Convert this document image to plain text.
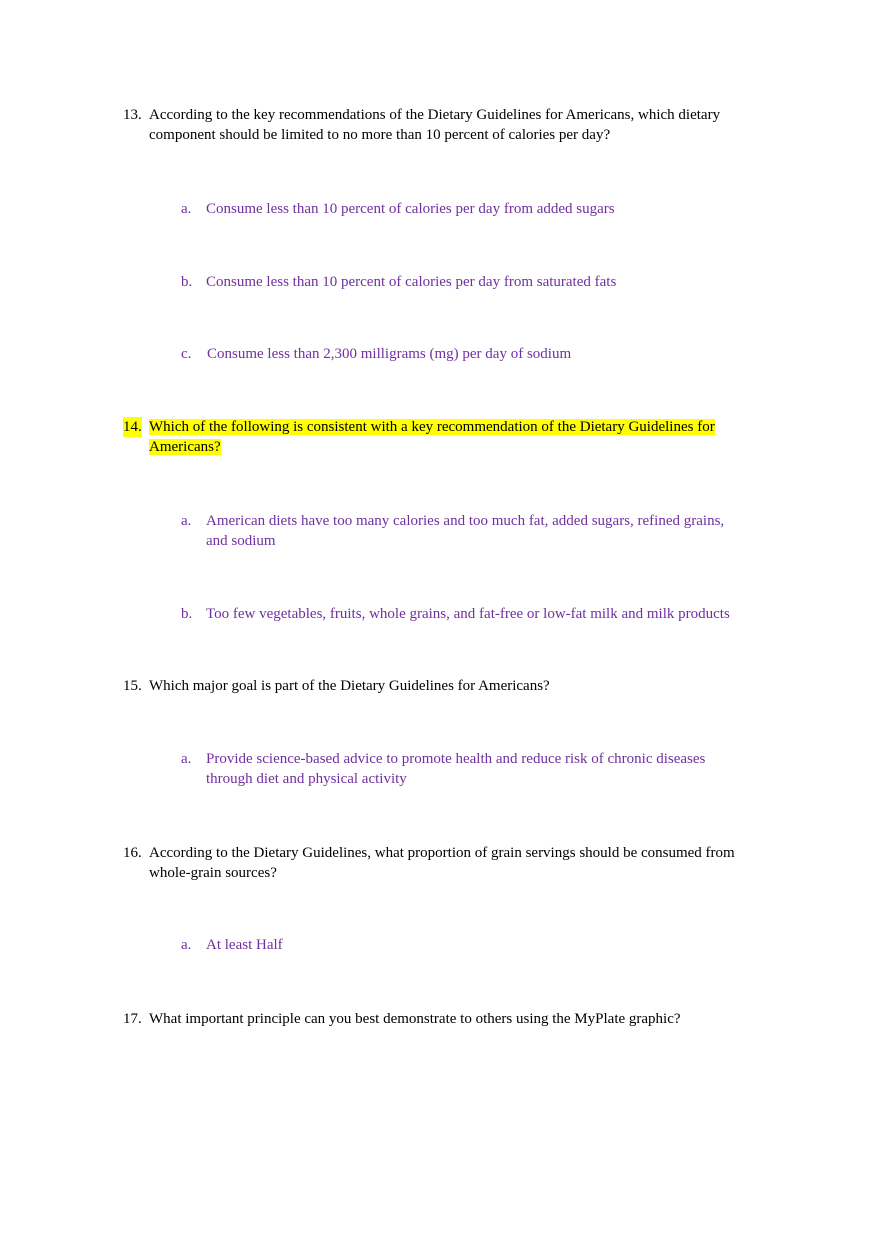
13. According to the key recommendations of the Dietary Guidelines for Americans, which dietary
component should be limited to no more than 10 percent of calories per day?
a. Consume less than 10 percent of calories per day from added sugars
b. Consume less than 10 percent of calories per day from saturated fats
c. Consume less than 2,300 milligrams (mg) per day of sodium
14. Which of the following is consistent with a key recommendation of the Dietary Guidelines for
Americans?
a. American diets have too many calories and too much fat, added sugars, refined grains,
and sodium
b. Too few vegetables, fruits, whole grains, and fat-free or low-fat milk and milk products
15. Which major goal is part of the Dietary Guidelines for Americans?
a. Provide science-based advice to promote health and reduce risk of chronic diseases
through diet and physical activity
16. According to the Dietary Guidelines, what proportion of grain servings should be consumed from
whole-grain sources?
a. At least Half
17. What important principle can you best demonstrate to others using the MyPlate graphic?
